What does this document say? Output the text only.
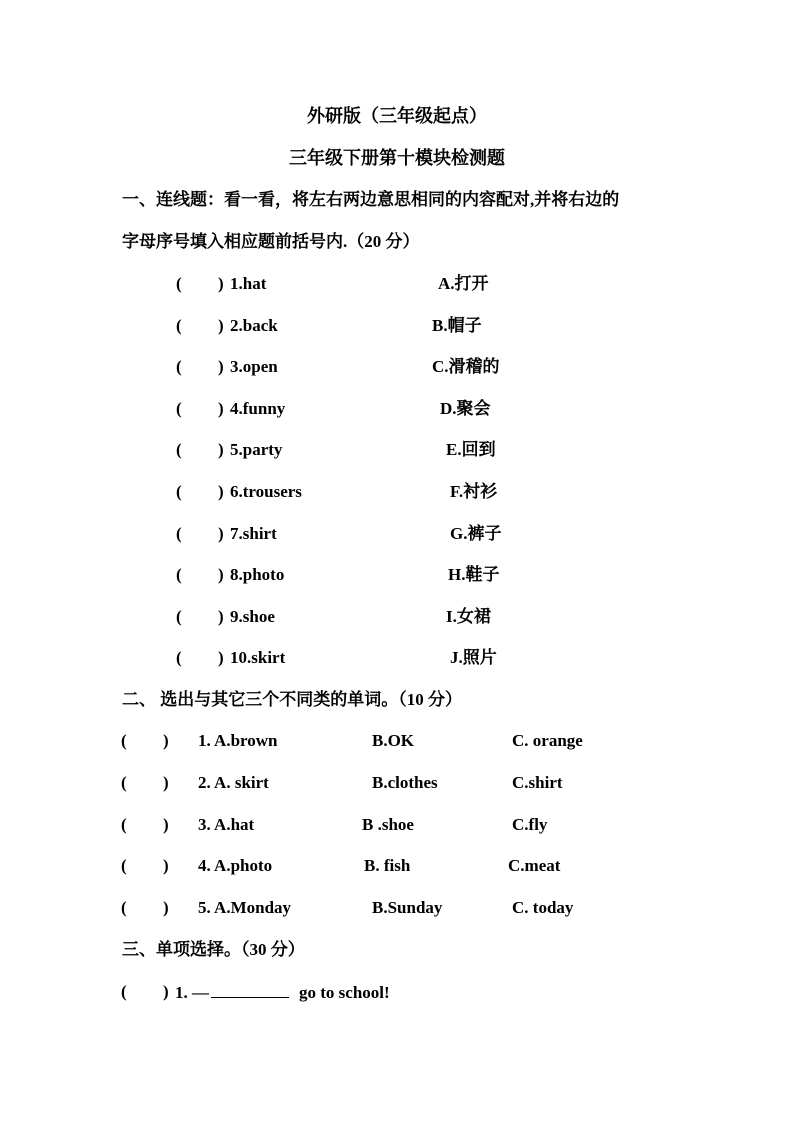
外研版（三年级起点）
三年级下册第十模块检测题
一、连线题：看一看，将左右两边意思相同的内容配对,并将右边的
字母序号填入相应题前括号内.（20 分）
( ) 1.hat	A.打开
( ) 2.back	B.帽子
( ) 3.open	C.滑稽的
( ) 4.funny	D.聚会
( ) 5.party	E.回到
( ) 6.trousers	F.衬衫
( ) 7.shirt	G.裤子
( ) 8.photo	H.鞋子
( ) 9.shoe	I.女裙
( ) 10.skirt	J.照片
二、 选出与其它三个不同类的单词。（10 分）
( ) 1. A.brown	B.OK	C. orange
( ) 2. A. skirt	B.clothes	C.shirt
( ) 3. A.hat	B .shoe	C.fly
( ) 4. A.photo	B. fish	C.meat
( ) 5. A.Monday	B.Sunday	C. today
三、单项选择。（30 分）
( ) 1. —	go to school!
